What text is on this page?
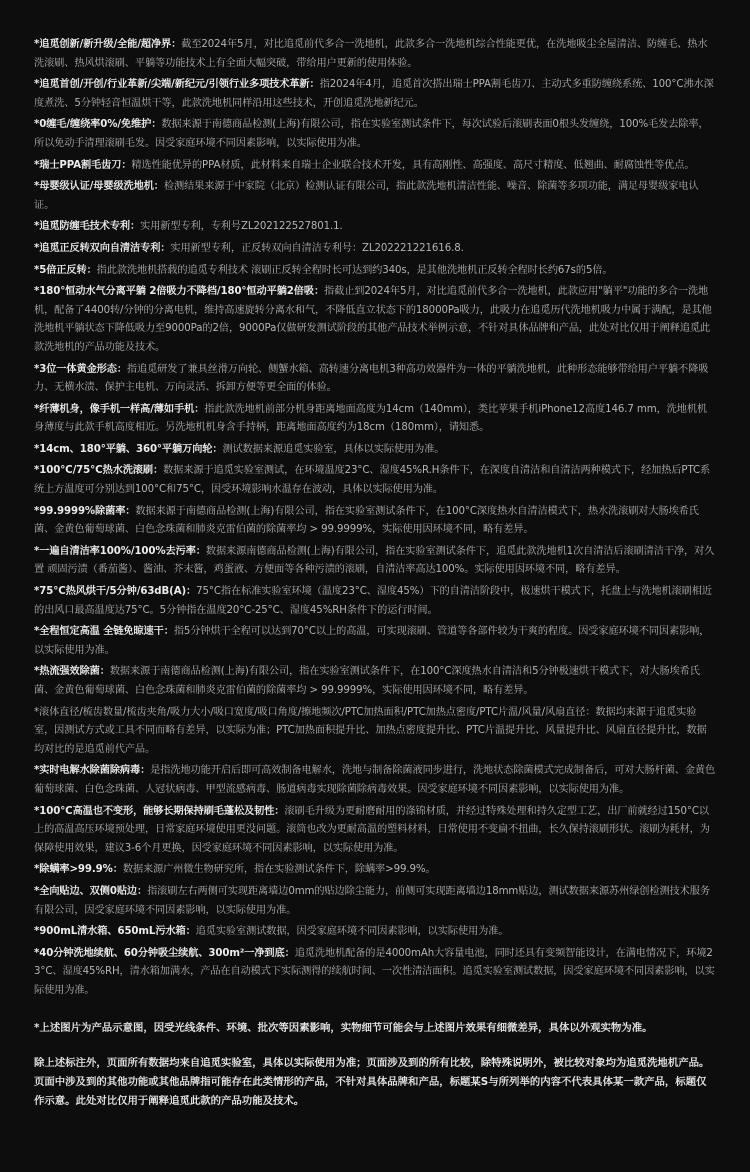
*追觅创新/新升级/全能/超净界：截至2024年5月，对比追觅前代多合一洗地机，此款多合一洗地机综合性能更优，在洗地吸尘全屋清洁、防缠毛、热水洗滚刷、热风烘滚刷、平躺等功能技术上有全面大幅突破，带给用户更新的使用体验。

*追觅首创/开创/行业革新/尖端/新纪元/引领行业多项技术革新：指2024年4月，追觅首次搭出瑞士PPA割毛齿刀、主动式多重防缠绕系统、100°C沸水深度煮洗、5分钟轻音恒温烘干等，此款洗地机同样沿用这些技术，开创追觅洗地新纪元。

*0缠毛/缠绕率0%/免维护：数据来源于南德商品检测(上海)有限公司，指在实验室测试条件下，每次试验后滚刷表面0根头发缠绕，100%毛发去除率，所以免动手清理滚刷毛发。因受家庭环境不同因素影响，以实际使用为准。

*瑞士PPA割毛齿刀：精选性能优异的PPA材质，此材料来自瑞士企业联合技术开发，具有高刚性、高强度、高尺寸精度、低翘曲、耐腐蚀性等优点。

*母婴级认证/母婴级洗地机：检测结果来源于中家院（北京）检测认证有限公司，指此款洗地机清洁性能、噪音、除菌等多项功能，满足母婴级家电认证。

*追觅防缠毛技术专利：实用新型专利，专利号ZL202122527801.1.

*追觅正反转双向自清洁专利：实用新型专利，正反转双向自清洁专利号：ZL202221221616.8.

*5倍正反转：指此款洗地机搭载的追觅专利技术 滚刷正反转全程时长可达到约340s，是其他洗地机正反转全程时长约67s的5倍。

*180°恒动水气分离平躺 2倍吸力不降档/180°恒动平躺2倍吸：指截止到2024年5月，对比追觅前代多合一洗地机，此款应用"躺平"功能的多合一洗地机，配备了4400转/分钟的分离电机，维持高速旋转分离水和气，不降低直立状态下的18000Pa吸力，此吸力在追觅历代洗地机吸力中属于满配，是其他洗地机平躺状态下降低吸力至9000Pa的2倍，9000Pa仅做研发测试阶段的其他产品技术举例示意，不针对具体品牌和产品，此处对比仅用于阐释追觅此款洗地机的产品功能及技术。

*3位一体黄金形态：指追觅研发了兼具丝滑万向轮、侧蟹水箱、高转速分离电机3种高功效器件为一体的平躺洗地机，此种形态能够带给用户平躺不降吸力、无横水渍、保护主电机、万向灵活、拆卸方便等更全面的体验。

*纤薄机身，像手机一样高/薄如手机：指此款洗地机前部分机身距离地面高度为14cm（140mm），类比苹果手机iPhone12高度146.7 mm，洗地机机身薄度与此款手机高度相近。另洗地机机身含手持柄，距离地面高度约为18cm（180mm），请知悉。

*14cm、180°平躺、360°平躺万向轮：测试数据来源追觅实验室，具体以实际使用为准。

*100°C/75°C热水洗滚刷：数据来源于追觅实验室测试，在环境温度23°C、湿度45%R.H条件下，在深度自清洁和自清洁两种模式下，经加热后PTC系统上方温度可分别达到100°C和75°C，因受环境影响水温存在波动，具体以实际使用为准。

*99.9999%除菌率：数据来源于南德商品检测(上海)有限公司，指在实验室测试条件下，在100°C深度热水自清洁模式下，热水洗滚刷对大肠埃希氏菌、金黄色葡萄球菌、白色念珠菌和肺炎克雷伯菌的除菌率均 > 99.9999%，实际使用因环境不同，略有差异。

*一遍自清洁率100%/100%去污率：数据来源南德商品检测(上海)有限公司，指在实验室测试条件下，追觅此款洗地机1次自清洁后滚刷清洁干净，对久置 顽固污渍（番茄酱）、酱油、芥末酱，鸡蛋液、方便面等各种污渍的滚刷，自清洁率高达100%。实际使用因环境不同，略有差异。

*75°C热风烘干/5分钟/63dB(A)：75°C指在标准实验室环境（温度23°C、湿度45%）下的自清洁阶段中，极速烘干模式下，托盘上与洗地机滚刷相近的出风口最高温度达75°C。5分钟指在温度20°C-25°C、湿度45%RH条件下的运行时间。

*全程恒定高温 全链免晾速干：指5分钟烘干全程可以达到70°C以上的高温，可实现滚刷、管道等各部件较为干爽的程度。因受家庭环境不同因素影响，以实际使用为准。

*热流强效除菌：数据来源于南德商品检测(上海)有限公司，指在实验室测试条件下，在100°C深度热水自清洁和5分钟极速烘干模式下，对大肠埃希氏菌、金黄色葡萄球菌、白色念珠菌和肺炎克雷伯菌的除菌率均 > 99.9999%，实际使用因环境不同，略有差异。

*滚体直径/梳齿数量/梳齿夹角/吸力大小/吸口宽度/吸口角度/擦地频次/PTC加热面积/PTC加热点密度/PTC片温/风量/风扇直径：数据均来源于追觅实验室，因测试方式或工具不同而略有差异，以实际为准；PTC加热面积提升比、加热点密度提升比、PTC片温提升比、风量提升比、风扇直径提升比，数据均对比的是追觅前代产品。

*实时电解水除菌除病毒：是指洗地功能开启后即可高效制备电解水，洗地与制备除菌液同步进行，洗地状态除菌模式完成制备后，可对大肠杆菌、金黄色葡萄球菌、白色念珠菌、人冠状病毒、甲型流感病毒、肠道病毒实现除菌除病毒效果。因受家庭环境不同因素影响，以实际使用为准。

*100°C高温也不变形，能够长期保持刷毛蓬松及韧性：滚刷毛升级为更耐磨耐用的涤锦材质，并经过特殊处理和持久定型工艺，出厂前就经过150°C以上的高温高压环境预处理，日常家庭环境使用更没问题。滚筒也改为更耐高温的塑料材料，日常使用不变扁不扭曲，长久保持滚刷形状。滚刷为耗材，为保障使用效果，建议3-6个月更换，因受家庭环境不同因素影响，以实际使用为准。

*除螨率>99.9%：数据来源广州微生物研究所，指在实验测试条件下，除螨率>99.9%。

*全向贴边、双侧0贴边：指滚刷左右两侧可实现距离墙边0mm的贴边除尘能力，前侧可实现距离墙边18mm贴边，测试数据来源苏州绿创检测技术服务有限公司，因受家庭环境不同因素影响，以实际使用为准。

*900mL清水箱、650mL污水箱：追觅实验室测试数据，因受家庭环境不同因素影响，以实际使用为准。

*40分钟洗地续航、60分钟吸尘续航、300m²一净到底：追觅洗地机配备的是4000mAh大容量电池，同时还具有变频智能设计，在满电情况下，环境23°C、湿度45%RH，清水箱加满水，产品在自动模式下实际测得的续航时间、一次性清洁面积。追觅实验室测试数据，因受家庭环境不同因素影响，以实际使用为准。

*上述图片为产品示意图，因受光线条件、环境、批次等因素影响，实物细节可能会与上述图片效果有细微差异，具体以外观实物为准。

除上述标注外，页面所有数据均来自追觅实验室，具体以实际使用为准；页面涉及到的所有比较，除特殊说明外，被比较对象均为追觅洗地机产品。页面中涉及到的其他功能或其他品牌指可能存在此类情形的产品，不针对具体品牌和产品，标题某S与所列举的内容不代表具体某一款产品，标题仅作示意。此处对比仅用于阐释追觅此款的产品功能及技术。
